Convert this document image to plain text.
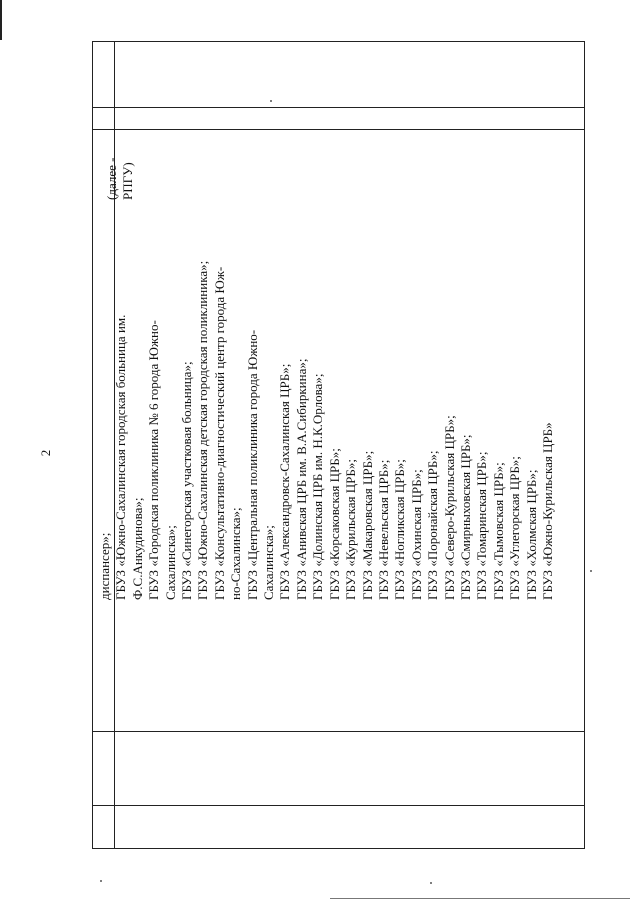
2
(далее - РПГУ)
диспансер»; ГБУЗ «Южно-Сахалинская городская больница им. Ф.С.Анкудинова»; ГБУЗ «Городская поликлиника № 6 города Южно- Сахалинска»; ГБУЗ «Синегорская участковая больница»; ГБУЗ «Южно-Сахалинская детская городская поликлиника»; ГБУЗ «Консультативно-диагностический центр города Юж- но-Сахалинска»; ГБУЗ «Центральная поликлиника города Южно- Сахалинска»; ГБУЗ «Александровск-Сахалинская ЦРБ»; ГБУЗ «Анивская ЦРБ им. В.А.Сибиркина»; ГБУЗ «Долинская ЦРБ им. Н.К.Орлова»; ГБУЗ «Корсаковская ЦРБ»; ГБУЗ «Курильская ЦРБ»; ГБУЗ «Макаровская ЦРБ»; ГБУЗ «Невельская ЦРБ»; ГБУЗ «Ногликская ЦРБ»; ГБУЗ «Охинская ЦРБ»; ГБУЗ «Поронайская ЦРБ»; ГБУЗ «Северо-Курильская ЦРБ»; ГБУЗ «Смирныховская ЦРБ»; ГБУЗ «Томаринская ЦРБ»; ГБУЗ «Тымовская ЦРБ»; ГБУЗ «Углегорская ЦРБ»; ГБУЗ «Холмская ЦРБ»; ГБУЗ «Южно-Курильская ЦРБ»
